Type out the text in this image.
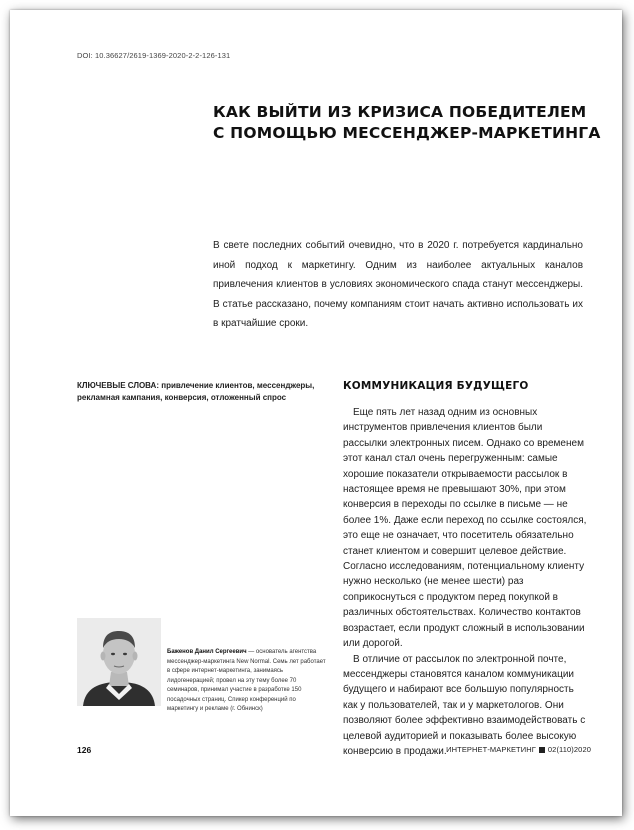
DOI: 10.36627/2619-1369-2020-2-2-126-131
КАК ВЫЙТИ ИЗ КРИЗИСА ПОБЕДИТЕЛЕМ
С ПОМОЩЬЮ МЕССЕНДЖЕР-МАРКЕТИНГА
В свете последних событий очевидно, что в 2020 г. потребуется кардинально иной подход к маркетингу. Одним из наиболее актуальных каналов привлечения клиентов в условиях экономического спада станут мессенджеры. В статье рассказано, почему компаниям стоит начать активно использовать их в кратчайшие сроки.
КЛЮЧЕВЫЕ СЛОВА: привлечение клиентов, мессенджеры, рекламная кампания, конверсия, отложенный спрос
КОММУНИКАЦИЯ БУДУЩЕГО

Еще пять лет назад одним из основных инструментов привлечения клиентов были рассылки электронных писем. Однако со временем этот канал стал очень перегруженным: самые хорошие показатели открываемости рассылок в настоящее время не превышают 30%, при этом конверсия в переходы по ссылке в письме — не более 1%. Даже если переход по ссылке состоялся, это еще не означает, что посетитель обязательно станет клиентом и совершит целевое действие. Согласно исследованиям, потенциальному клиенту нужно несколько (не менее шести) раз соприкоснуться с продуктом перед покупкой в различных обстоятельствах. Количество контактов возрастает, если продукт сложный в использовании или дорогой.

В отличие от рассылок по электронной почте, мессенджеры становятся каналом коммуникации будущего и набирают все большую популярность как у пользователей, так и у маркетологов. Они позволяют более эффективно взаимодействовать с целевой аудиторией и показывать более высокую конверсию в продажи.

Баженов Данил Сергеевич — основатель агентства мессенджер-маркетинга New Normal. Семь лет работает в сфере интернет-маркетинга, занимаясь лидогенерацией; провел на эту тему более 70 семинаров, принимал участие в разработке 150 посадочных страниц. Спикер конференций по маркетингу и рекламе (г. Обнинск)
126	ИНТЕРНЕТ-МАРКЕТИНГ 02(110)2020
